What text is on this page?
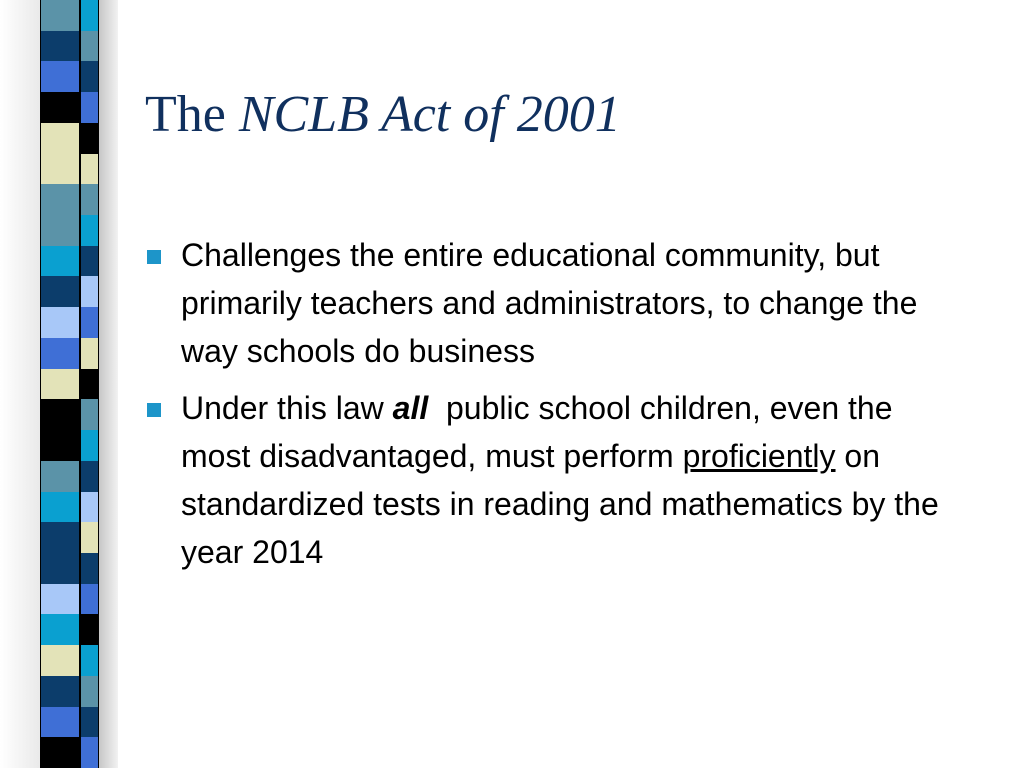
The NCLB Act of 2001
Challenges the entire educational community, but primarily teachers and administrators, to change the way schools do business
Under this law all  public school children, even the most disadvantaged, must perform proficiently on standardized tests in reading and mathematics by the year 2014
